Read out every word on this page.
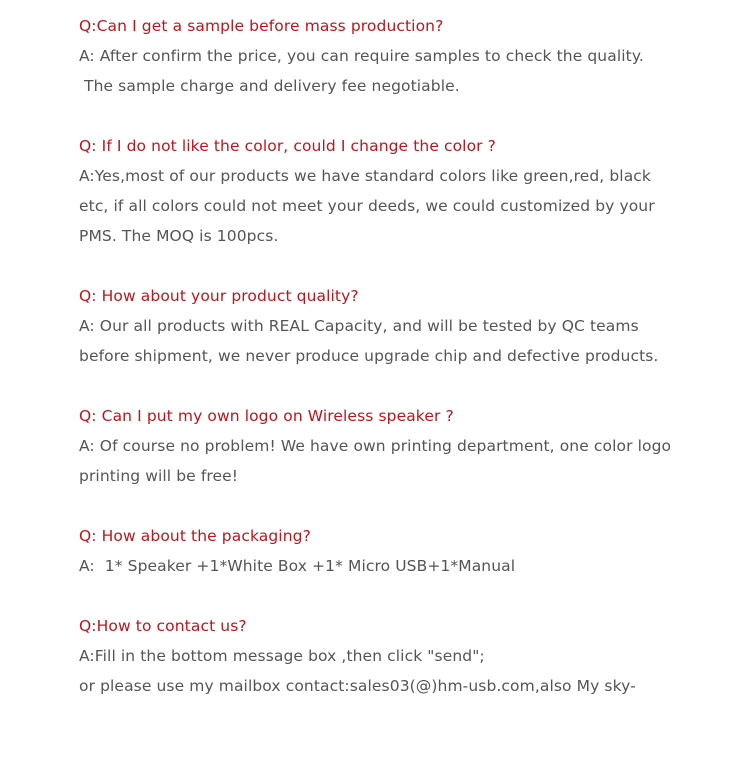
Q:Can I get a sample before mass production?
A: After confirm the price, you can require samples to check the quality.
The sample charge and delivery fee negotiable.
Q: If I do not like the color, could I change the color ?
A:Yes,most of our products we have standard colors like green,red, black
etc, if all colors could not meet your deeds, we could customized by your
PMS. The MOQ is 100pcs.
Q: How about your product quality?
A: Our all products with REAL Capacity, and will be tested by QC teams
before shipment, we never produce upgrade chip and defective products.
Q: Can I put my own logo on Wireless speaker ?
A: Of course no problem! We have own printing department, one color logo
printing will be free!
Q: How about the packaging?
A:  1* Speaker +1*White Box +1* Micro USB+1*Manual
Q:How to contact us?
A:Fill in the bottom message box ,then click "send";
or please use my mailbox contact:sales03(@)hm-usb.com,also My sky-
